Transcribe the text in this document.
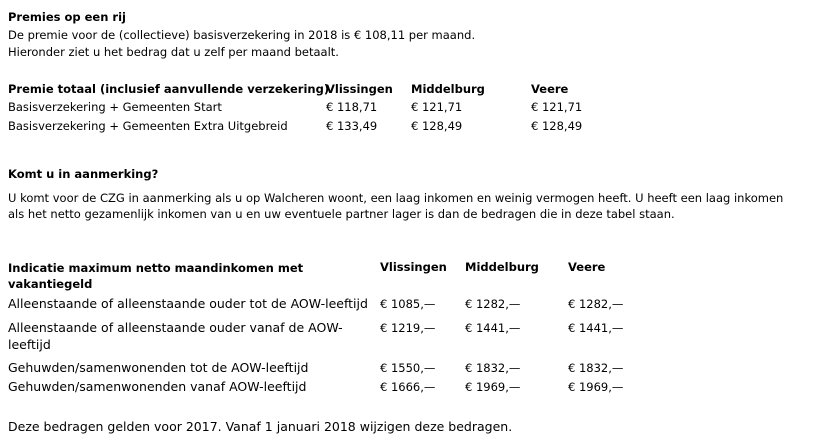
Premies op een rij
De premie voor de (collectieve) basisverzekering in 2018 is € 108,11 per maand.
Hieronder ziet u het bedrag dat u zelf per maand betaalt.
Premie totaal (inclusief aanvullende verzekering)
Vlissingen Middelburg	Veere
Basisverzekering + Gemeenten Start	€ 118,71	€ 121,71	€ 121,71
Basisverzekering + Gemeenten Extra Uitgebreid	€ 133,49	€ 128,49	€ 128,49
Komt u in aanmerking?
U komt voor de CZG in aanmerking als u op Walcheren woont, een laag inkomen en weinig vermogen heeft. U heeft een laag inkomen
als het netto gezamenlijk inkomen van u en uw eventuele partner lager is dan de bedragen die in deze tabel staan.
Indicatie maximum netto maandinkomen met vakantiegeld
Vlissingen Middelburg	Veere
Alleenstaande of alleenstaande ouder tot de AOW-leeftijd € 1085,—	€ 1282,—	€ 1282,—
Alleenstaande of alleenstaande ouder vanaf de AOW-leeftijd
€ 1219,—	€ 1441,—	€ 1441,—
Gehuwden/samenwonenden tot de AOW-leeftijd	€ 1550,—	€ 1832,—	€ 1832,—
Gehuwden/samenwonenden vanaf AOW-leeftijd	€ 1666,—	€ 1969,—	€ 1969,—
Deze bedragen gelden voor 2017. Vanaf 1 januari 2018 wijzigen deze bedragen.
